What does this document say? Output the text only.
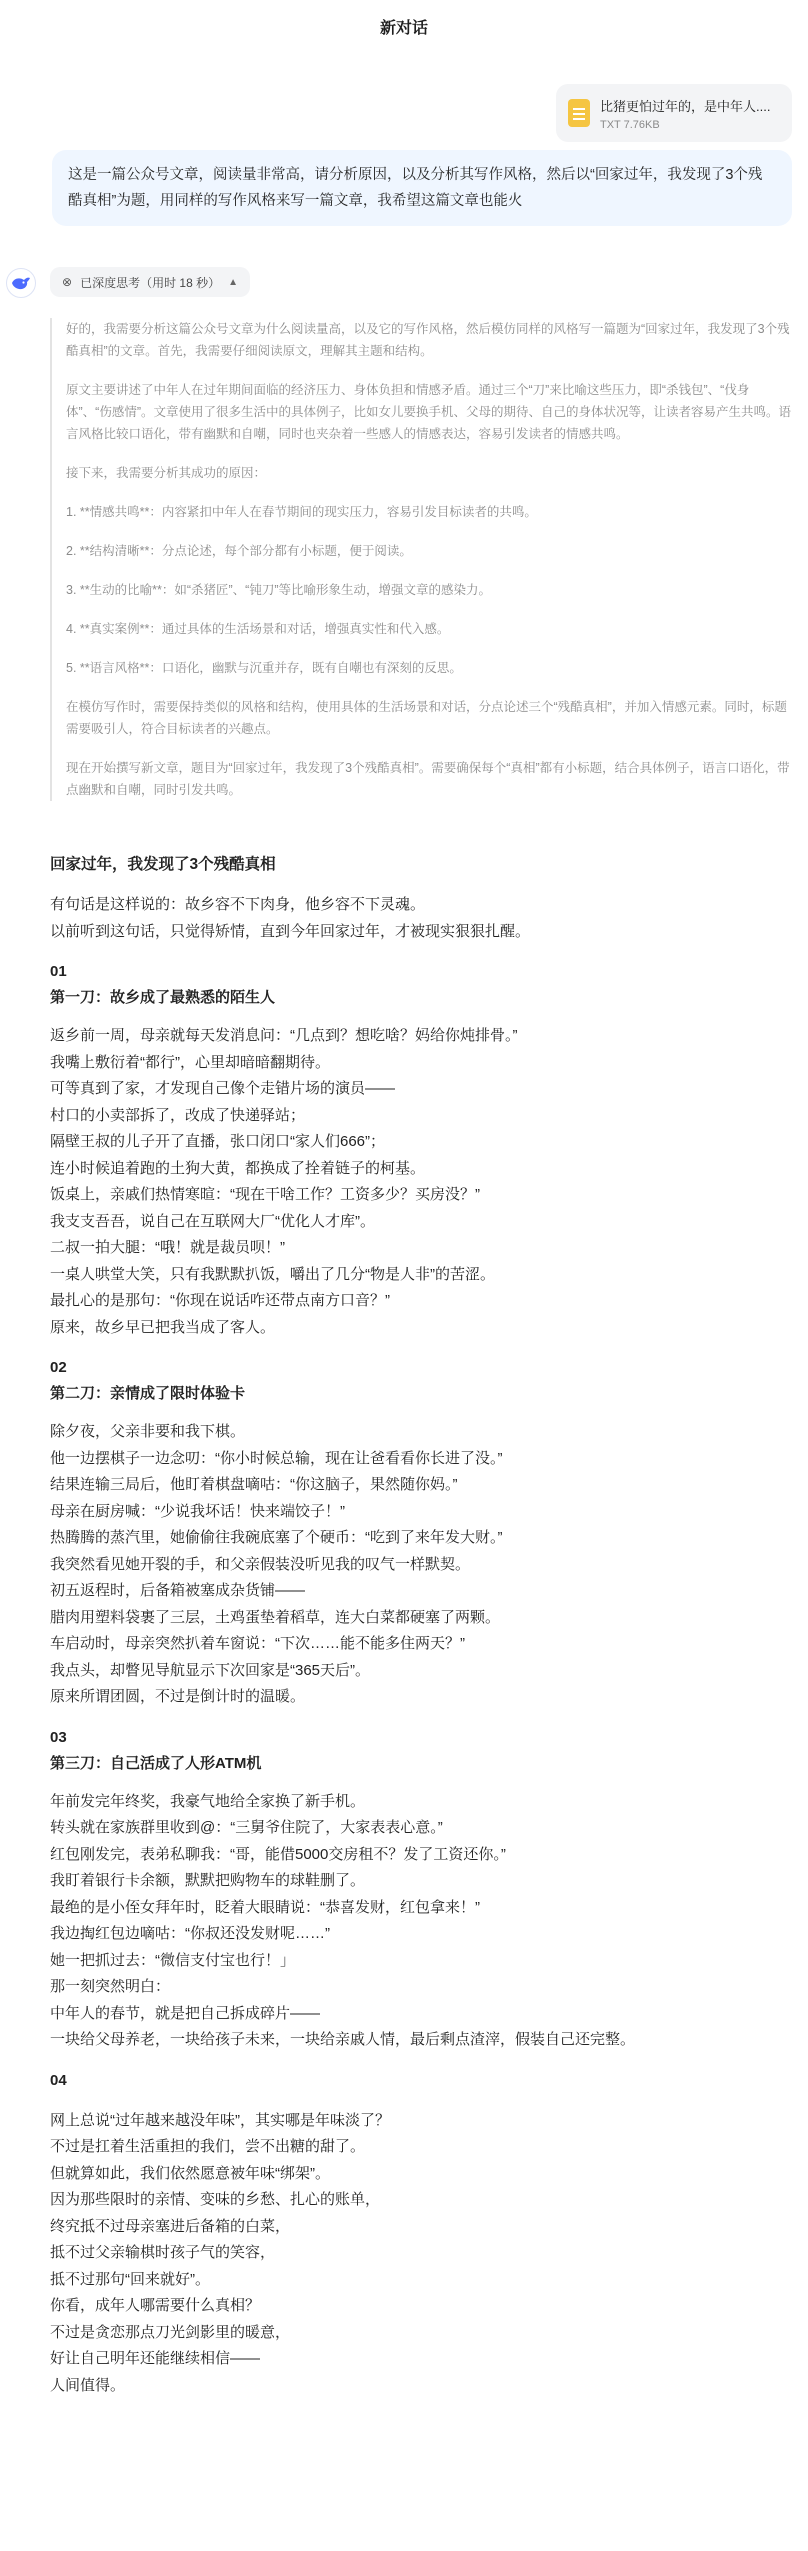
新对话
比猪更怕过年的，是中年人....
TXT 7.76KB
这是一篇公众号文章，阅读量非常高，请分析原因，以及分析其写作风格，然后以“回家过年，我发现了3个残酷真相”为题，用同样的写作风格来写一篇文章，我希望这篇文章也能火
⊗ 已深度思考（用时 18 秒） ▲

好的，我需要分析这篇公众号文章为什么阅读量高，以及它的写作风格，然后模仿同样的风格写一篇题为“回家过年，我发现了3个残酷真相”的文章。首先，我需要仔细阅读原文，理解其主题和结构。

原文主要讲述了中年人在过年期间面临的经济压力、身体负担和情感矛盾。通过三个“刀”来比喻这些压力，即“杀钱包”、“伐身体”、“伤感情”。文章使用了很多生活中的具体例子，比如女儿要换手机、父母的期待、自己的身体状况等，让读者容易产生共鸣。语言风格比较口语化，带有幽默和自嘲，同时也夹杂着一些感人的情感表达，容易引发读者的情感共鸣。

接下来，我需要分析其成功的原因：

1. **情感共鸣**：内容紧扣中年人在春节期间的现实压力，容易引发目标读者的共鸣。

2. **结构清晰**：分点论述，每个部分都有小标题，便于阅读。

3. **生动的比喻**：如“杀猪匠”、“钝刀”等比喻形象生动，增强文章的感染力。

4. **真实案例**：通过具体的生活场景和对话，增强真实性和代入感。

5. **语言风格**：口语化，幽默与沉重并存，既有自嘲也有深刻的反思。

在模仿写作时，需要保持类似的风格和结构，使用具体的生活场景和对话，分点论述三个“残酷真相”，并加入情感元素。同时，标题需要吸引人，符合目标读者的兴趣点。

现在开始撰写新文章，题目为“回家过年，我发现了3个残酷真相”。需要确保每个“真相”都有小标题，结合具体例子，语言口语化，带点幽默和自嘲，同时引发共鸣。

回家过年，我发现了3个残酷真相
有句话是这样说的：故乡容不下肉身，他乡容不下灵魂。
以前听到这句话，只觉得矫情，直到今年回家过年，才被现实狠狠扎醒。
01
第一刀：故乡成了最熟悉的陌生人
返乡前一周，母亲就每天发消息问：“几点到？想吃啥？妈给你炖排骨。”
我嘴上敷衍着“都行”，心里却暗暗翻期待。
可等真到了家，才发现自己像个走错片场的演员——
村口的小卖部拆了，改成了快递驿站；
隔壁王叔的儿子开了直播，张口闭口“家人们666”；
连小时候追着跑的土狗大黄，都换成了拴着链子的柯基。
饭桌上，亲戚们热情寒暄：“现在干啥工作？工资多少？买房没？”
我支支吾吾，说自己在互联网大厂“优化人才库”。
二叔一拍大腿：“哦！就是裁员呗！”
一桌人哄堂大笑，只有我默默扒饭，嚼出了几分“物是人非”的苦涩。
最扎心的是那句：“你现在说话咋还带点南方口音？”
原来，故乡早已把我当成了客人。
02
第二刀：亲情成了限时体验卡
除夕夜，父亲非要和我下棋。
他一边摆棋子一边念叨：“你小时候总输，现在让爸看看你长进了没。”
结果连输三局后，他盯着棋盘嘀咕：“你这脑子，果然随你妈。”
母亲在厨房喊：“少说我坏话！快来端饺子！”
热腾腾的蒸汽里，她偷偷往我碗底塞了个硬币：“吃到了来年发大财。”
我突然看见她开裂的手，和父亲假装没听见我的叹气一样默契。
初五返程时，后备箱被塞成杂货铺——
腊肉用塑料袋裹了三层，土鸡蛋垫着稻草，连大白菜都硬塞了两颗。
车启动时，母亲突然扒着车窗说：“下次……能不能多住两天？”
我点头，却瞥见导航显示下次回家是“365天后”。
原来所谓团圆，不过是倒计时的温暖。
03
第三刀：自己活成了人形ATM机
年前发完年终奖，我豪气地给全家换了新手机。
转头就在家族群里收到@：“三舅爷住院了，大家表表心意。”
红包刚发完，表弟私聊我：“哥，能借5000交房租不？发了工资还你。”
我盯着银行卡余额，默默把购物车的球鞋删了。
最绝的是小侄女拜年时，眨着大眼睛说：“恭喜发财，红包拿来！”
我边掏红包边嘀咕：“你叔还没发财呢……”
她一把抓过去：“微信支付宝也行！」
那一刻突然明白：
中年人的春节，就是把自己拆成碎片——
一块给父母养老，一块给孩子未来，一块给亲戚人情，最后剩点渣滓，假装自己还完整。
04
网上总说“过年越来越没年味”，其实哪是年味淡了？
不过是扛着生活重担的我们，尝不出糖的甜了。
但就算如此，我们依然愿意被年味“绑架”。
因为那些限时的亲情、变味的乡愁、扎心的账单，
终究抵不过母亲塞进后备箱的白菜，
抵不过父亲输棋时孩子气的笑容，
抵不过那句“回来就好”。
你看，成年人哪需要什么真相？
不过是贪恋那点刀光剑影里的暖意，
好让自己明年还能继续相信——
人间值得。
